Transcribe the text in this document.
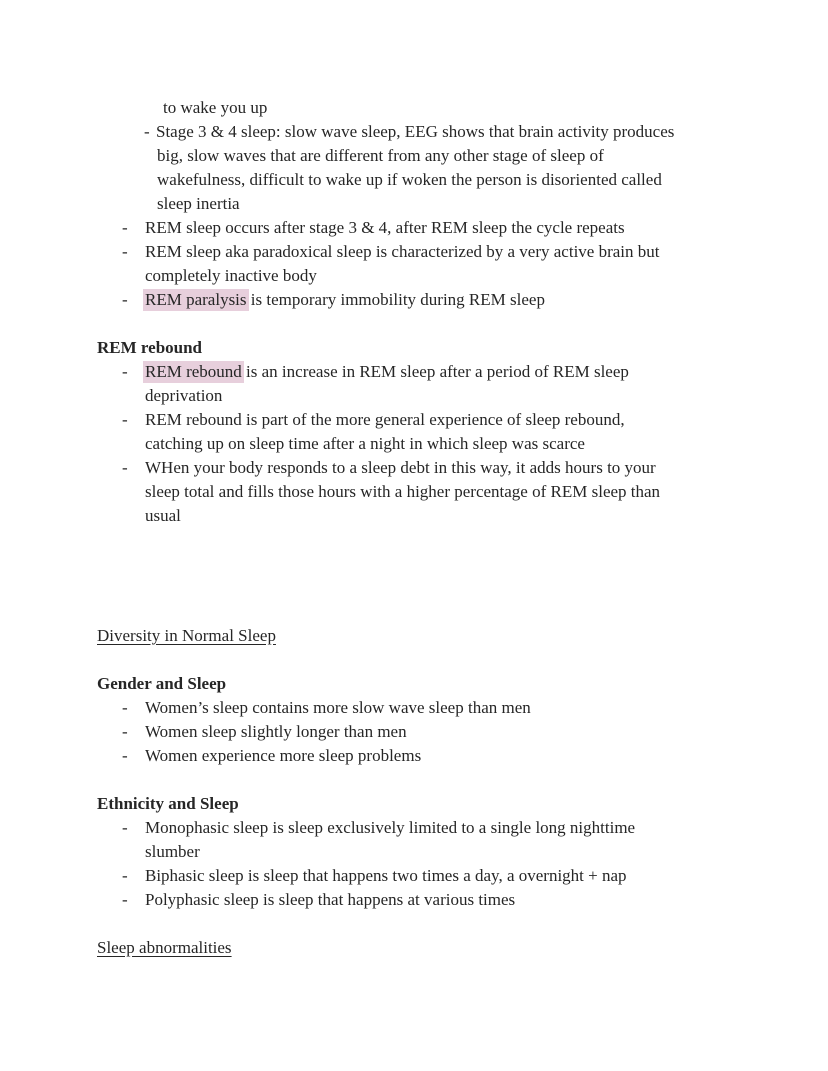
to wake you up
- Stage 3 & 4 sleep: slow wave sleep, EEG shows that brain activity produces
big, slow waves that are different from any other stage of sleep of
wakefulness, difficult to wake up if woken the person is disoriented called
sleep inertia
-	REM sleep occurs after stage 3 & 4, after REM sleep the cycle repeats
-	REM sleep aka paradoxical sleep is characterized by a very active brain but
completely inactive body
-	REM paralysis is temporary immobility during REM sleep
REM rebound
-	REM rebound is an increase in REM sleep after a period of REM sleep
deprivation
-	REM rebound is part of the more general experience of sleep rebound,
catching up on sleep time after a night in which sleep was scarce
-	WHen your body responds to a sleep debt in this way, it adds hours to your
sleep total and fills those hours with a higher percentage of REM sleep than
usual
Diversity in Normal Sleep
Gender and Sleep
-	Women’s sleep contains more slow wave sleep than men
-	Women sleep slightly longer than men
-	Women experience more sleep problems
Ethnicity and Sleep
-	Monophasic sleep is sleep exclusively limited to a single long nighttime
slumber
-	Biphasic sleep is sleep that happens two times a day, a overnight + nap
-	Polyphasic sleep is sleep that happens at various times
Sleep abnormalities
